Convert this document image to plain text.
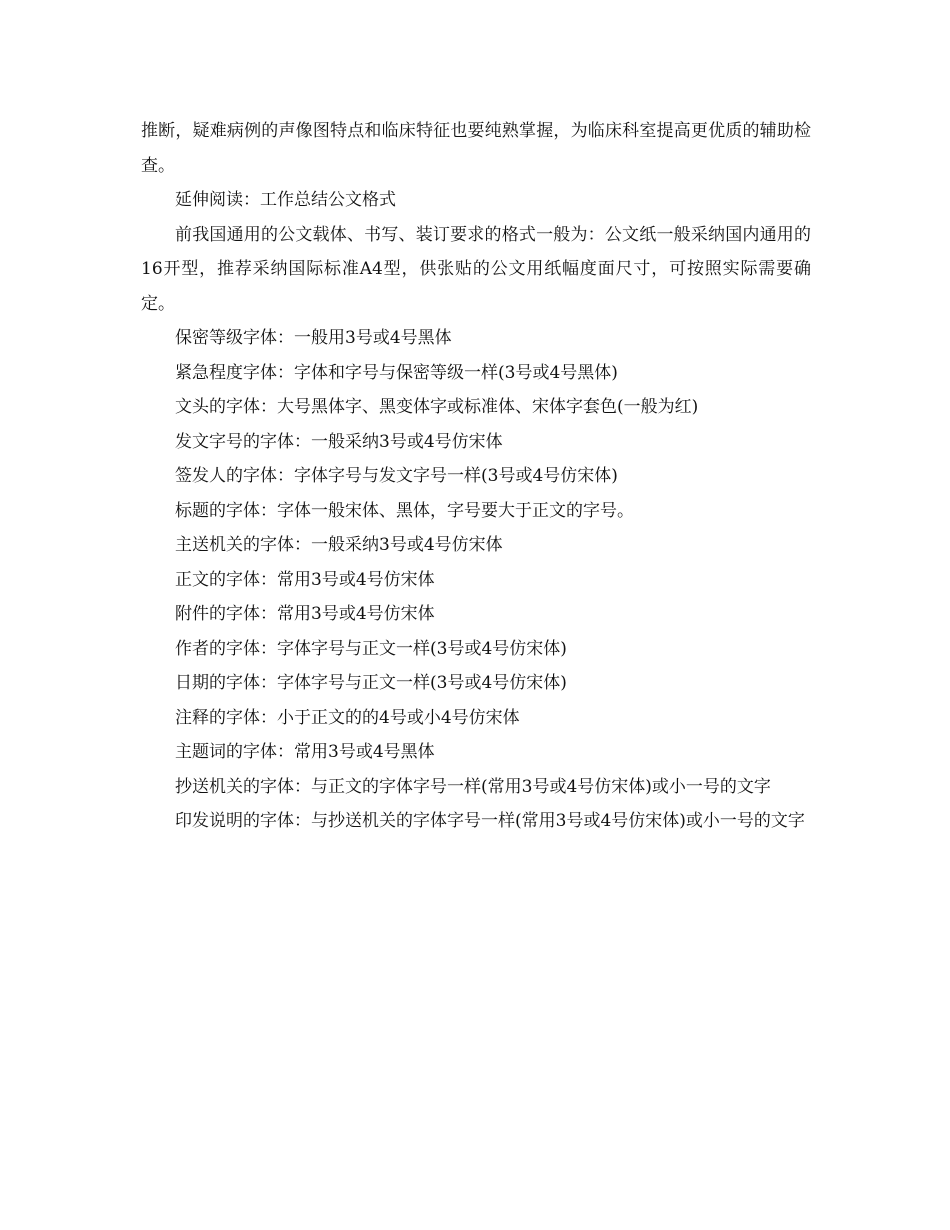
推断，疑难病例的声像图特点和临床特征也要纯熟掌握，为临床科室提高更优质的辅助检查。

延伸阅读：工作总结公文格式

前我国通用的公文载体、书写、装订要求的格式一般为：公文纸一般采纳国内通用的16开型，推荐采纳国际标准A4型，供张贴的公文用纸幅度面尺寸，可按照实际需要确定。

保密等级字体：一般用3号或4号黑体

紧急程度字体：字体和字号与保密等级一样(3号或4号黑体)

文头的字体：大号黑体字、黑变体字或标准体、宋体字套色(一般为红)

发文字号的字体：一般采纳3号或4号仿宋体

签发人的字体：字体字号与发文字号一样(3号或4号仿宋体)

标题的字体：字体一般宋体、黑体，字号要大于正文的字号。

主送机关的字体：一般采纳3号或4号仿宋体

正文的字体：常用3号或4号仿宋体

附件的字体：常用3号或4号仿宋体

作者的字体：字体字号与正文一样(3号或4号仿宋体)

日期的字体：字体字号与正文一样(3号或4号仿宋体)

注释的字体：小于正文的的4号或小4号仿宋体

主题词的字体：常用3号或4号黑体

抄送机关的字体：与正文的字体字号一样(常用3号或4号仿宋体)或小一号的文字

印发说明的字体：与抄送机关的字体字号一样(常用3号或4号仿宋体)或小一号的文字
